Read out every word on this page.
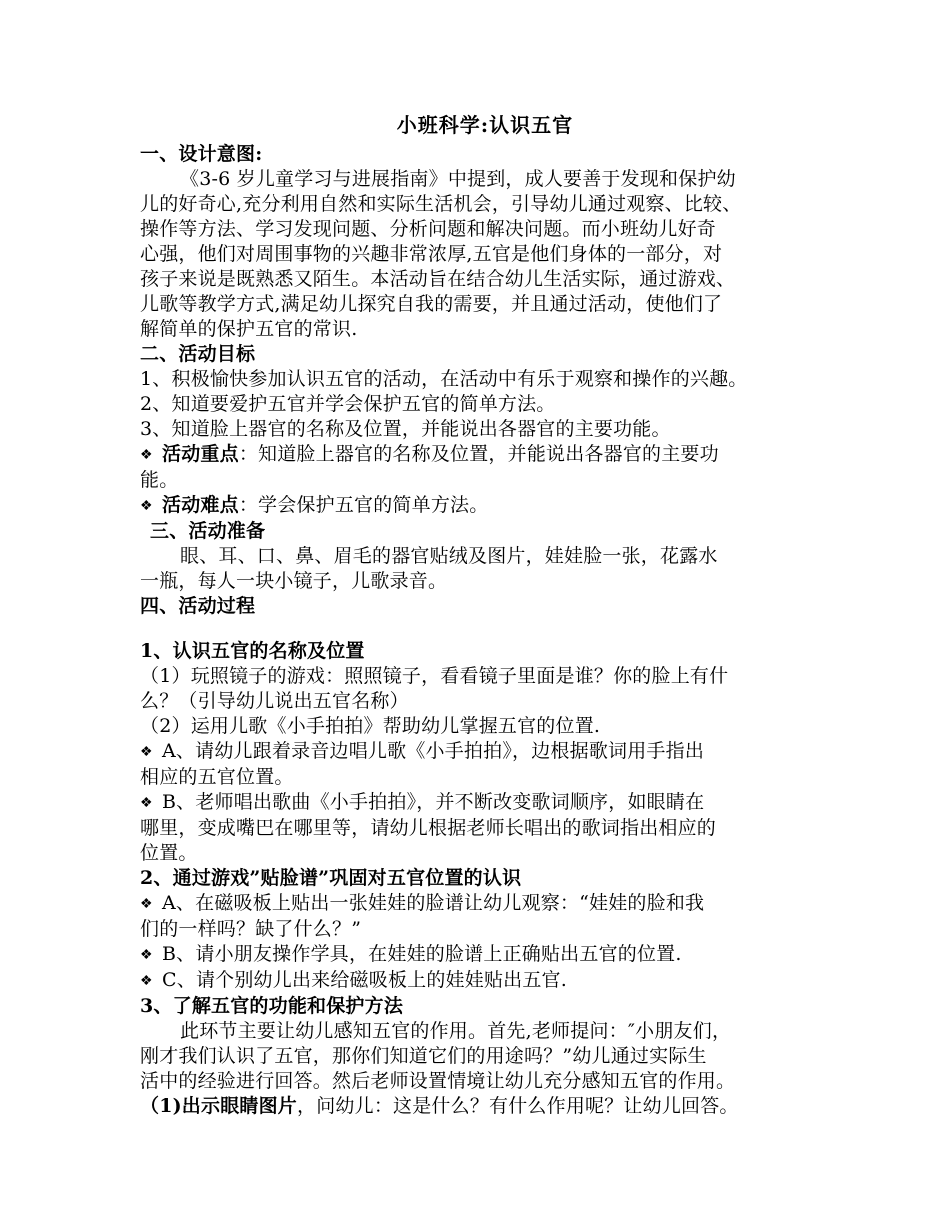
小班科学:认识五官
一、设计意图:
《3-6 岁儿童学习与进展指南》中提到，成人要善于发现和保护幼
儿的好奇心,充分利用自然和实际生活机会，引导幼儿通过观察、比较、
操作等方法、学习发现问题、分析问题和解决问题。而小班幼儿好奇
心强，他们对周围事物的兴趣非常浓厚,五官是他们身体的一部分，对
孩子来说是既熟悉又陌生。本活动旨在结合幼儿生活实际，通过游戏、
儿歌等教学方式,满足幼儿探究自我的需要，并且通过活动，使他们了
解简单的保护五官的常识.
二、活动目标
1、积极愉快参加认识五官的活动，在活动中有乐于观察和操作的兴趣。
2、知道要爱护五官并学会保护五官的简单方法。
3、知道脸上器官的名称及位置，并能说出各器官的主要功能。
❖ 活动重点：知道脸上器官的名称及位置，并能说出各器官的主要功
能。
❖ 活动难点：学会保护五官的简单方法。
三、活动准备
眼、耳、口、鼻、眉毛的器官贴绒及图片，娃娃脸一张，花露水
一瓶，每人一块小镜子，儿歌录音。
四、活动过程
1、认识五官的名称及位置
（1）玩照镜子的游戏：照照镜子，看看镜子里面是谁？你的脸上有什
么？（引导幼儿说出五官名称）
（2）运用儿歌《小手拍拍》帮助幼儿掌握五官的位置.
❖ A、请幼儿跟着录音边唱儿歌《小手拍拍》，边根据歌词用手指出
相应的五官位置。
❖ B、老师唱出歌曲《小手拍拍》，并不断改变歌词顺序，如眼睛在
哪里，变成嘴巴在哪里等，请幼儿根据老师长唱出的歌词指出相应的
位置。
2、通过游戏”贴脸谱”巩固对五官位置的认识
❖ A、在磁吸板上贴出一张娃娃的脸谱让幼儿观察：“娃娃的脸和我
们的一样吗？缺了什么？”
❖ B、请小朋友操作学具，在娃娃的脸谱上正确贴出五官的位置.
❖ C、请个别幼儿出来给磁吸板上的娃娃贴出五官.
3、了解五官的功能和保护方法
此环节主要让幼儿感知五官的作用。首先,老师提问：″小朋友们，
刚才我们认识了五官，那你们知道它们的用途吗？”幼儿通过实际生
活中的经验进行回答。然后老师设置情境让幼儿充分感知五官的作用。
（1)出示眼睛图片，问幼儿：这是什么？有什么作用呢？让幼儿回答。
